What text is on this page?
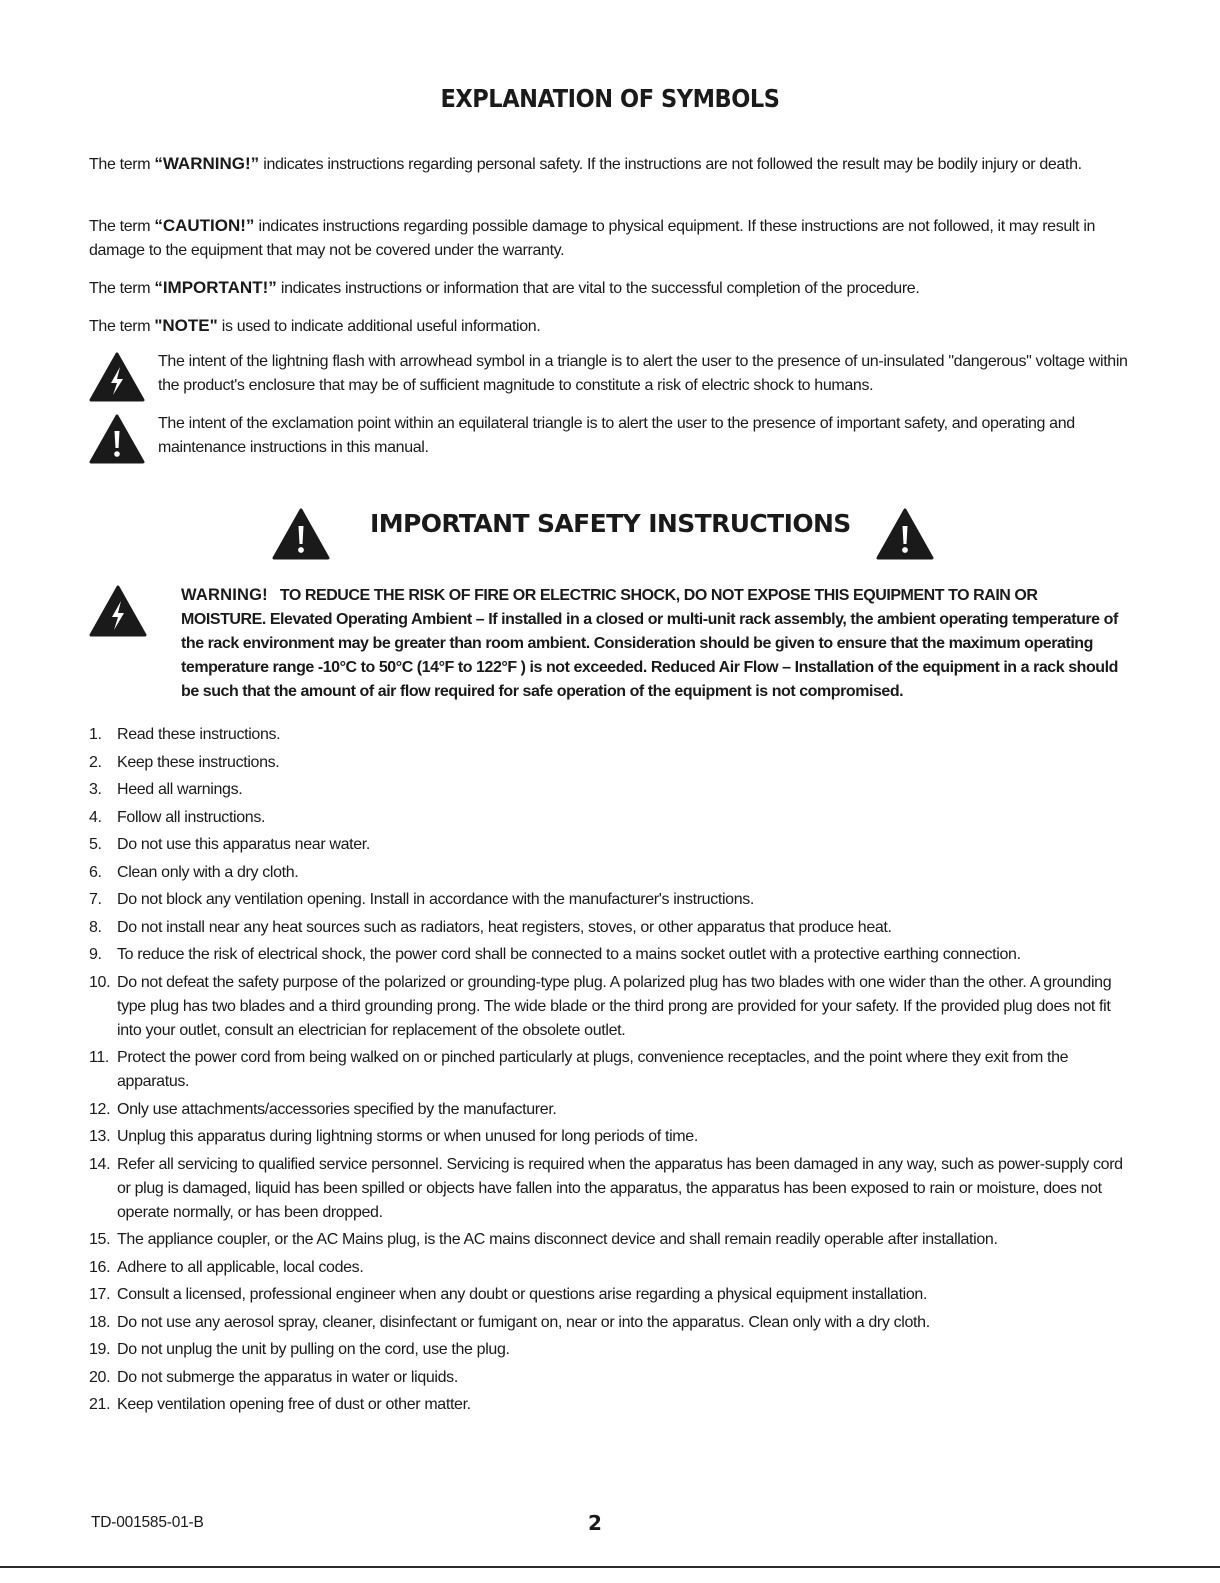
EXPLANATION OF SYMBOLS
The term “WARNING!” indicates instructions regarding personal safety. If the instructions are not followed the result may be bodily injury or death.
The term “CAUTION!” indicates instructions regarding possible damage to physical equipment. If these instructions are not followed, it may result in damage to the equipment that may not be covered under the warranty.
The term “IMPORTANT!” indicates instructions or information that are vital to the successful completion of the procedure.
The term "NOTE" is used to indicate additional useful information.
The intent of the lightning flash with arrowhead symbol in a triangle is to alert the user to the presence of un-insulated "dangerous" voltage within the product's enclosure that may be of sufficient magnitude to constitute a risk of electric shock to humans.
The intent of the exclamation point within an equilateral triangle is to alert the user to the presence of important safety, and operating and maintenance instructions in this manual.
IMPORTANT SAFETY INSTRUCTIONS
WARNING! TO REDUCE THE RISK OF FIRE OR ELECTRIC SHOCK, DO NOT EXPOSE THIS EQUIPMENT TO RAIN OR MOISTURE. Elevated Operating Ambient – If installed in a closed or multi-unit rack assembly, the ambient operating temperature of the rack environment may be greater than room ambient. Consideration should be given to ensure that the maximum operating temperature range -10°C to 50°C (14°F to 122°F ) is not exceeded. Reduced Air Flow – Installation of the equipment in a rack should be such that the amount of air flow required for safe operation of the equipment is not compromised.
1. Read these instructions.
2. Keep these instructions.
3. Heed all warnings.
4. Follow all instructions.
5. Do not use this apparatus near water.
6. Clean only with a dry cloth.
7. Do not block any ventilation opening. Install in accordance with the manufacturer's instructions.
8. Do not install near any heat sources such as radiators, heat registers, stoves, or other apparatus that produce heat.
9. To reduce the risk of electrical shock, the power cord shall be connected to a mains socket outlet with a protective earthing connection.
10. Do not defeat the safety purpose of the polarized or grounding-type plug. A polarized plug has two blades with one wider than the other. A grounding type plug has two blades and a third grounding prong. The wide blade or the third prong are provided for your safety. If the provided plug does not fit into your outlet, consult an electrician for replacement of the obsolete outlet.
11. Protect the power cord from being walked on or pinched particularly at plugs, convenience receptacles, and the point where they exit from the apparatus.
12. Only use attachments/accessories specified by the manufacturer.
13. Unplug this apparatus during lightning storms or when unused for long periods of time.
14. Refer all servicing to qualified service personnel. Servicing is required when the apparatus has been damaged in any way, such as power-supply cord or plug is damaged, liquid has been spilled or objects have fallen into the apparatus, the apparatus has been exposed to rain or moisture, does not operate normally, or has been dropped.
15. The appliance coupler, or the AC Mains plug, is the AC mains disconnect device and shall remain readily operable after installation.
16. Adhere to all applicable, local codes.
17. Consult a licensed, professional engineer when any doubt or questions arise regarding a physical equipment installation.
18. Do not use any aerosol spray, cleaner, disinfectant or fumigant on, near or into the apparatus. Clean only with a dry cloth.
19. Do not unplug the unit by pulling on the cord, use the plug.
20. Do not submerge the apparatus in water or liquids.
21. Keep ventilation opening free of dust or other matter.
TD-001585-01-B	2
